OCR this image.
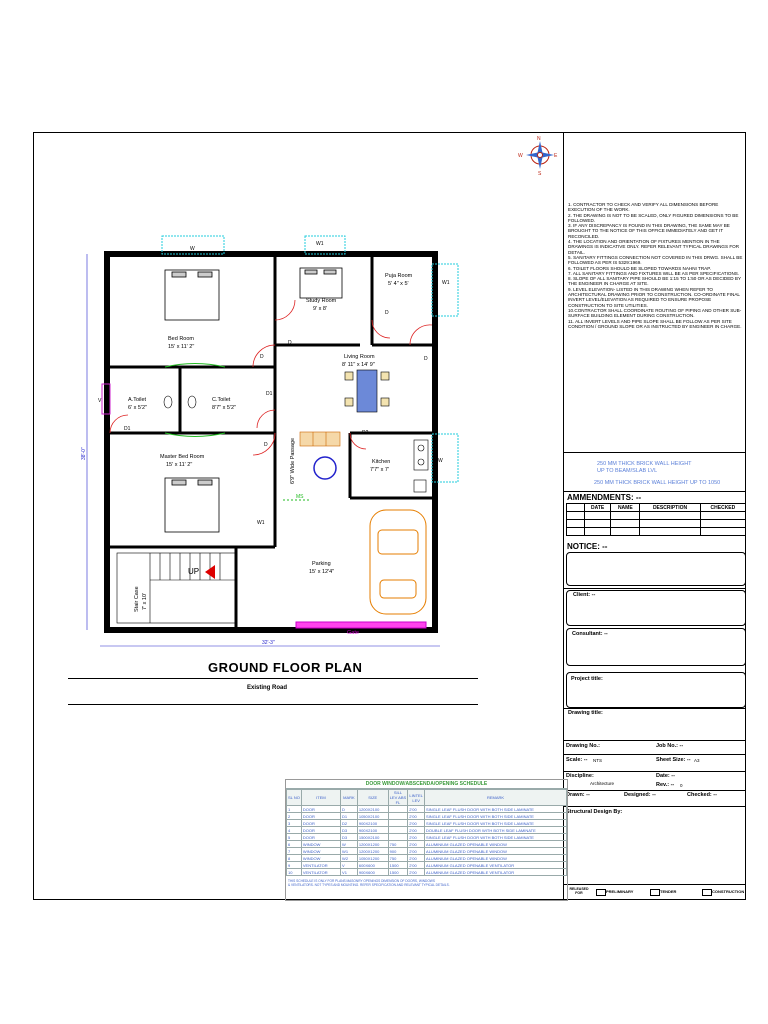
N
S
E
W
38'-0"
32'-3"
Bed Room
15' x 11' 2"
Study Room
9' x 8'
Puja Room
5' 4" x 5'
Living Room
8' 11" x 14' 9"
A.Toilet
6' x 5'2"
C.Toilet
8'7" x 5'2"
Kitchen
7'7" x 7'
Master Bed Room
15' x 11' 2"
Parking
15' x 12'4"
UP
6'9" Wide Passage
Stair Case 7' x 10'
Gate
W
W1
W1
W
W1
V
D
D
D
D1
D1
D
D2
D
MS
GROUND FLOOR PLAN
Existing Road
1. CONTRACTOR TO CHECK AND VERIFY ALL DIMENSIONS BEFORE EXECUTION OF THE WORK.
2. THE DRAWING IS NOT TO BE SCALED, ONLY FIGURED DIMENSIONS TO BE FOLLOWED.
3. IF ANY DISCREPANCY IS FOUND IN THIS DRAWING, THE SAME MAY BE BROUGHT TO THE NOTICE OF THIS OFFICE IMMEDIATELY AND GET IT RECONCILED.
4. THE LOCATION AND ORIENTATION OF FIXTURES MENTION IN THE DRAWINGS IS INDICATIVE ONLY. REFER RELEVANT TYPICAL DRAWINGS FOR DETAIL.
5. SANITARY FITTINGS CONNECTION NOT COVERED IN THIS DRWG. SHALL BE FOLLOWED AS PER IS 5329:1969.
6. TOILET FLOORS SHOULD BE SLOPED TOWARDS NAHNI TRAP.
7. ALL SANITARY FITTINGS AND FIXTURES WILL BE AS PER SPECIFICATIONS.
8. SLOPE OF ALL SANITARY PIPE SHOULD BE 1:15 TO 1:50 OR AS DECIDED BY THE ENGINEER IN CHARGE AT SITE.
9. LEVEL ELEVATION- LISTED IN THIS DRAWING WHEN REFER TO ARCHITECTURAL DRAWING PRIOR TO CONSTRUCTION. CO-ORDINATE FINAL INVERT LEVEL/ELEVATION AS REQUIRED TO ENSURE PROPOSE CONSTRUCTION TO SITE UTILITIES.
10.CONTRACTOR SHALL COORDINATE ROUTING OF PIPING AND OTHER SUB-SURFACE BUILDING ELEMENT DURING CONSTRUCTION.
11. ALL INVERT LEVELS AND PIPE SLOPE SHALL BE FOLLOW AS PER SITE CONDITION / GROUND SLOPE OR AS INSTRUCTED BY ENGINEER IN CHARGE.
250 MM THICK BRICK WALL HEIGHT
UP TO BEAM/SLAB LVL
250 MM THICK BRICK WALL HEIGHT UP TO 1050
AMMENDMENTS: --
	DATE	NAME	DESCRIPTION	CHECKED

NOTICE: --
Client: --
Consultant: --
Project title:
Drawing title:
Drawing No.:	Job No.: --
Scale: -- NTS	Sheet Size: -- A3
Discipline:
Architecture
Date: --
Rev.: -- 0
Drawn: --	Designed: --	Checked: --
Structural Design By:
RELEASED FOR	PRELIMINARY	TENDER	CONSTRUCTION
DOOR WINDOW/ABSCENDA/OPENING SCHEDULE
SL NO	ITEM	MARK	SIZE	SILL LEV ABS FL	LINTEL LEV	REMARK
1	DOOR	D	1200X2100		2'00	SINGLE LEAF FLUSH DOOR WITH BOTH SIDE LAMINATE
2	DOOR	D1	1050X2100		2'00	SINGLE LEAF FLUSH DOOR WITH BOTH SIDE LAMINATE
3	DOOR	D2	900X2100		2'00	SINGLE LEAF FLUSH DOOR WITH BOTH SIDE LAMINATE
4	DOOR	D3	900X2100		2'00	DOUBLE LEAF FLUSH DOOR WITH BOTH SIDE LAMINATE
5	DOOR	D3	1500X2100		2'00	SINGLE LEAF FLUSH DOOR WITH BOTH SIDE LAMINATE
6	WINDOW	W	1200X1200	750	2'00	ALUMINIUM GLAZED OPENABLE WINDOW
7	WINDOW	W1	1200X1200	900	2'00	ALUMINIUM GLAZED OPENABLE WINDOW
8	WINDOW	W2	1050X1200	750	2'00	ALUMINIUM GLAZED OPENABLE WINDOW
9	VENTILATOR	V	600X600	1500	2'00	ALUMINIUM GLAZED OPENABLE VENTILATOR
10	VENTILATOR	V1	900X600	1500	2'00	ALUMINIUM GLAZED OPENABLE VENTILATOR
THIS SCHEDULE IS ONLY FOR PLANS MASONRY OPENINGS DIMENSION OF DOORS, WINDOWS
& VENTILATORS. NOT TYPES AND MOUNTING. REFER SPECIFICATION AND RELEVANT TYPICAL DETAILS.
